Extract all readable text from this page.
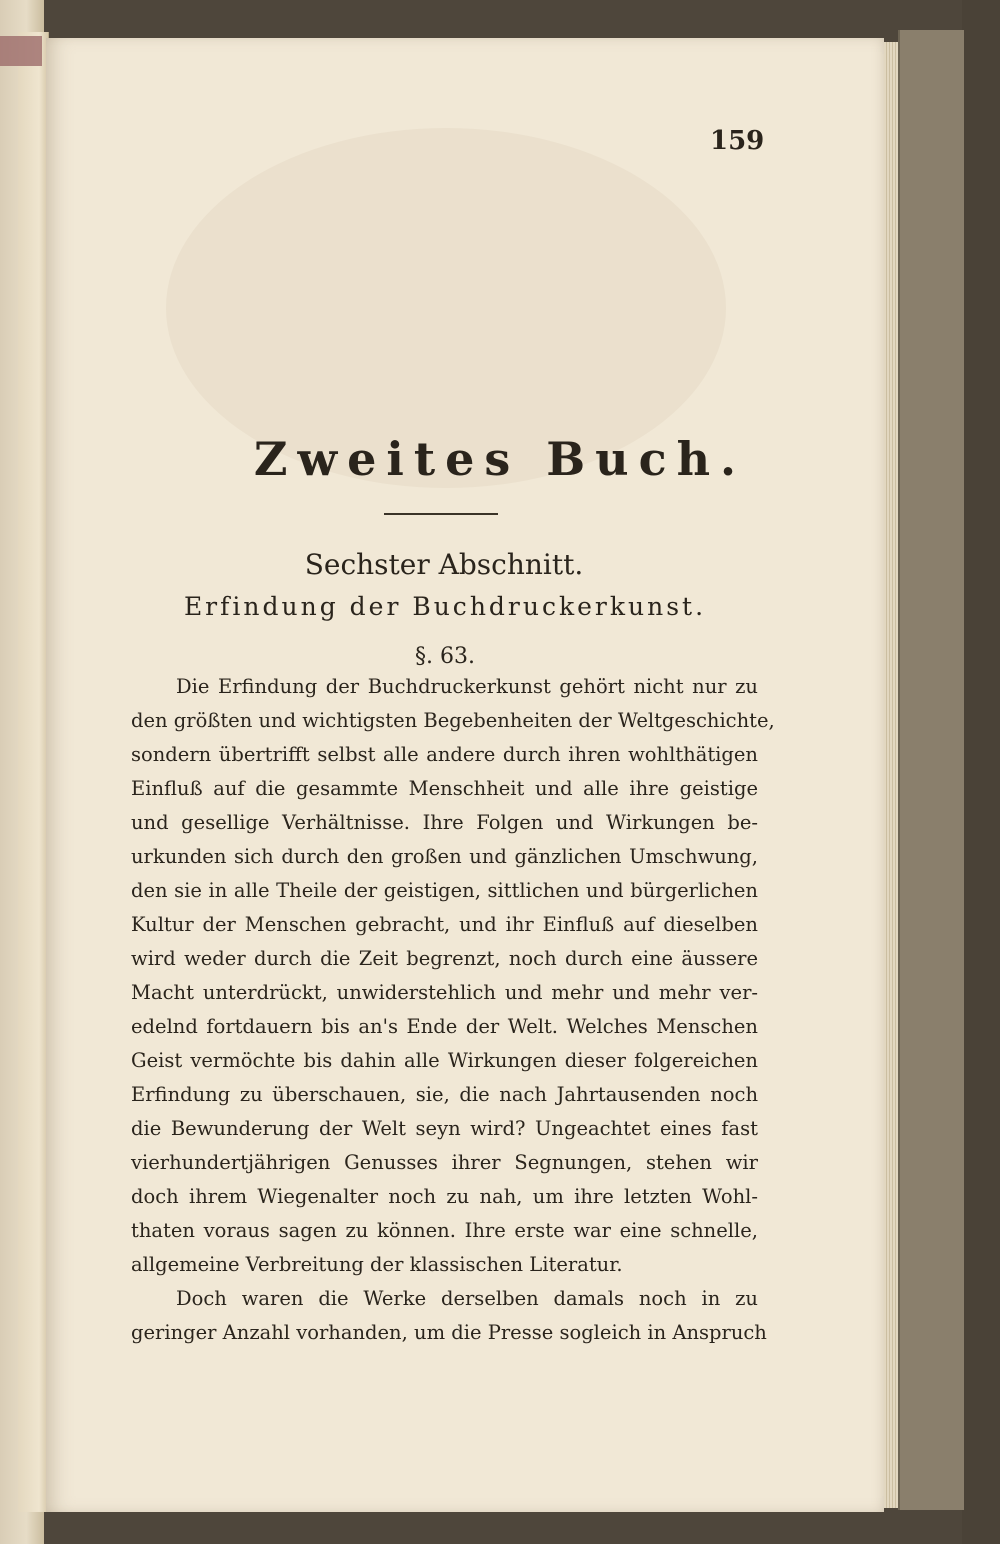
159
Zweites Buch.
Sechster Abschnitt.
Erfindung der Buchdruckerkunst.
§. 63.
Die Erfindung der Buchdruckerkunst gehört nicht nur zu
den größten und wichtigsten Begebenheiten der Weltgeschichte,
sondern übertrifft selbst alle andere durch ihren wohlthätigen
Einfluß auf die gesammte Menschheit und alle ihre geistige
und gesellige Verhältnisse. Ihre Folgen und Wirkungen be-
urkunden sich durch den großen und gänzlichen Umschwung,
den sie in alle Theile der geistigen, sittlichen und bürgerlichen
Kultur der Menschen gebracht, und ihr Einfluß auf dieselben
wird weder durch die Zeit begrenzt, noch durch eine äussere
Macht unterdrückt, unwiderstehlich und mehr und mehr ver-
edelnd fortdauern bis an's Ende der Welt. Welches Menschen
Geist vermöchte bis dahin alle Wirkungen dieser folgereichen
Erfindung zu überschauen, sie, die nach Jahrtausenden noch
die Bewunderung der Welt seyn wird? Ungeachtet eines fast
vierhundertjährigen Genusses ihrer Segnungen, stehen wir
doch ihrem Wiegenalter noch zu nah, um ihre letzten Wohl-
thaten voraus sagen zu können. Ihre erste war eine schnelle,
allgemeine Verbreitung der klassischen Literatur.
Doch waren die Werke derselben damals noch in zu
geringer Anzahl vorhanden, um die Presse sogleich in Anspruch
